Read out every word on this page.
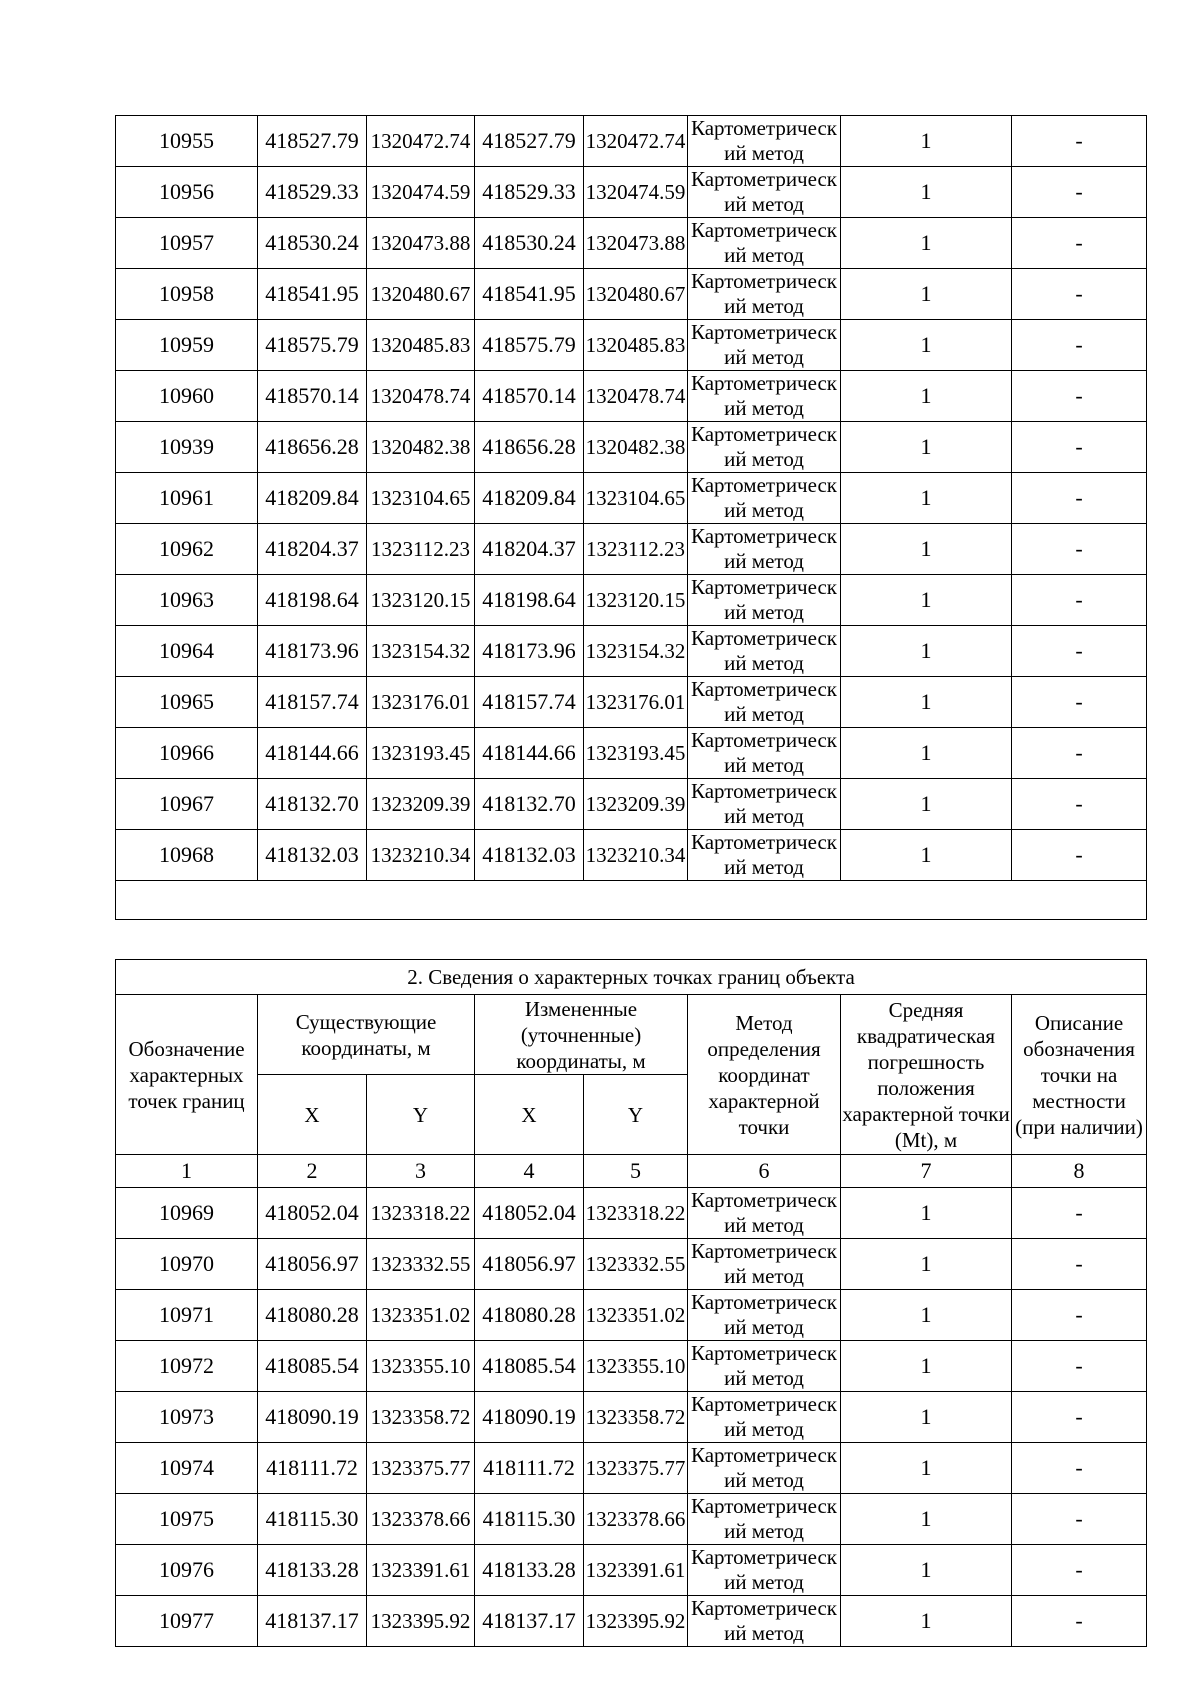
10955	418527.79	1320472.74	418527.79	1320472.74	Картометрический метод	1	-
10956	418529.33	1320474.59	418529.33	1320474.59	Картометрический метод	1	-
10957	418530.24	1320473.88	418530.24	1320473.88	Картометрический метод	1	-
10958	418541.95	1320480.67	418541.95	1320480.67	Картометрический метод	1	-
10959	418575.79	1320485.83	418575.79	1320485.83	Картометрический метод	1	-
10960	418570.14	1320478.74	418570.14	1320478.74	Картометрический метод	1	-
10939	418656.28	1320482.38	418656.28	1320482.38	Картометрический метод	1	-
10961	418209.84	1323104.65	418209.84	1323104.65	Картометрический метод	1	-
10962	418204.37	1323112.23	418204.37	1323112.23	Картометрический метод	1	-
10963	418198.64	1323120.15	418198.64	1323120.15	Картометрический метод	1	-
10964	418173.96	1323154.32	418173.96	1323154.32	Картометрический метод	1	-
10965	418157.74	1323176.01	418157.74	1323176.01	Картометрический метод	1	-
10966	418144.66	1323193.45	418144.66	1323193.45	Картометрический метод	1	-
10967	418132.70	1323209.39	418132.70	1323209.39	Картометрический метод	1	-
10968	418132.03	1323210.34	418132.03	1323210.34	Картометрический метод	1	-

2. Сведения о характерных точках границ объекта							
Обозначение характерных точек границ	Существующие координаты, м		Измененные (уточненные) координаты, м		Метод определения координат характерной точки	Средняя квадратическая погрешность положения характерной точки (Mt), м	Описание обозначения точки на местности (при наличии)
	X	Y	X	Y			
1	2	3	4	5	6	7	8
10969	418052.04	1323318.22	418052.04	1323318.22	Картометрический метод	1	-
10970	418056.97	1323332.55	418056.97	1323332.55	Картометрический метод	1	-
10971	418080.28	1323351.02	418080.28	1323351.02	Картометрический метод	1	-
10972	418085.54	1323355.10	418085.54	1323355.10	Картометрический метод	1	-
10973	418090.19	1323358.72	418090.19	1323358.72	Картометрический метод	1	-
10974	418111.72	1323375.77	418111.72	1323375.77	Картометрический метод	1	-
10975	418115.30	1323378.66	418115.30	1323378.66	Картометрический метод	1	-
10976	418133.28	1323391.61	418133.28	1323391.61	Картометрический метод	1	-
10977	418137.17	1323395.92	418137.17	1323395.92	Картометрический метод	1	-
